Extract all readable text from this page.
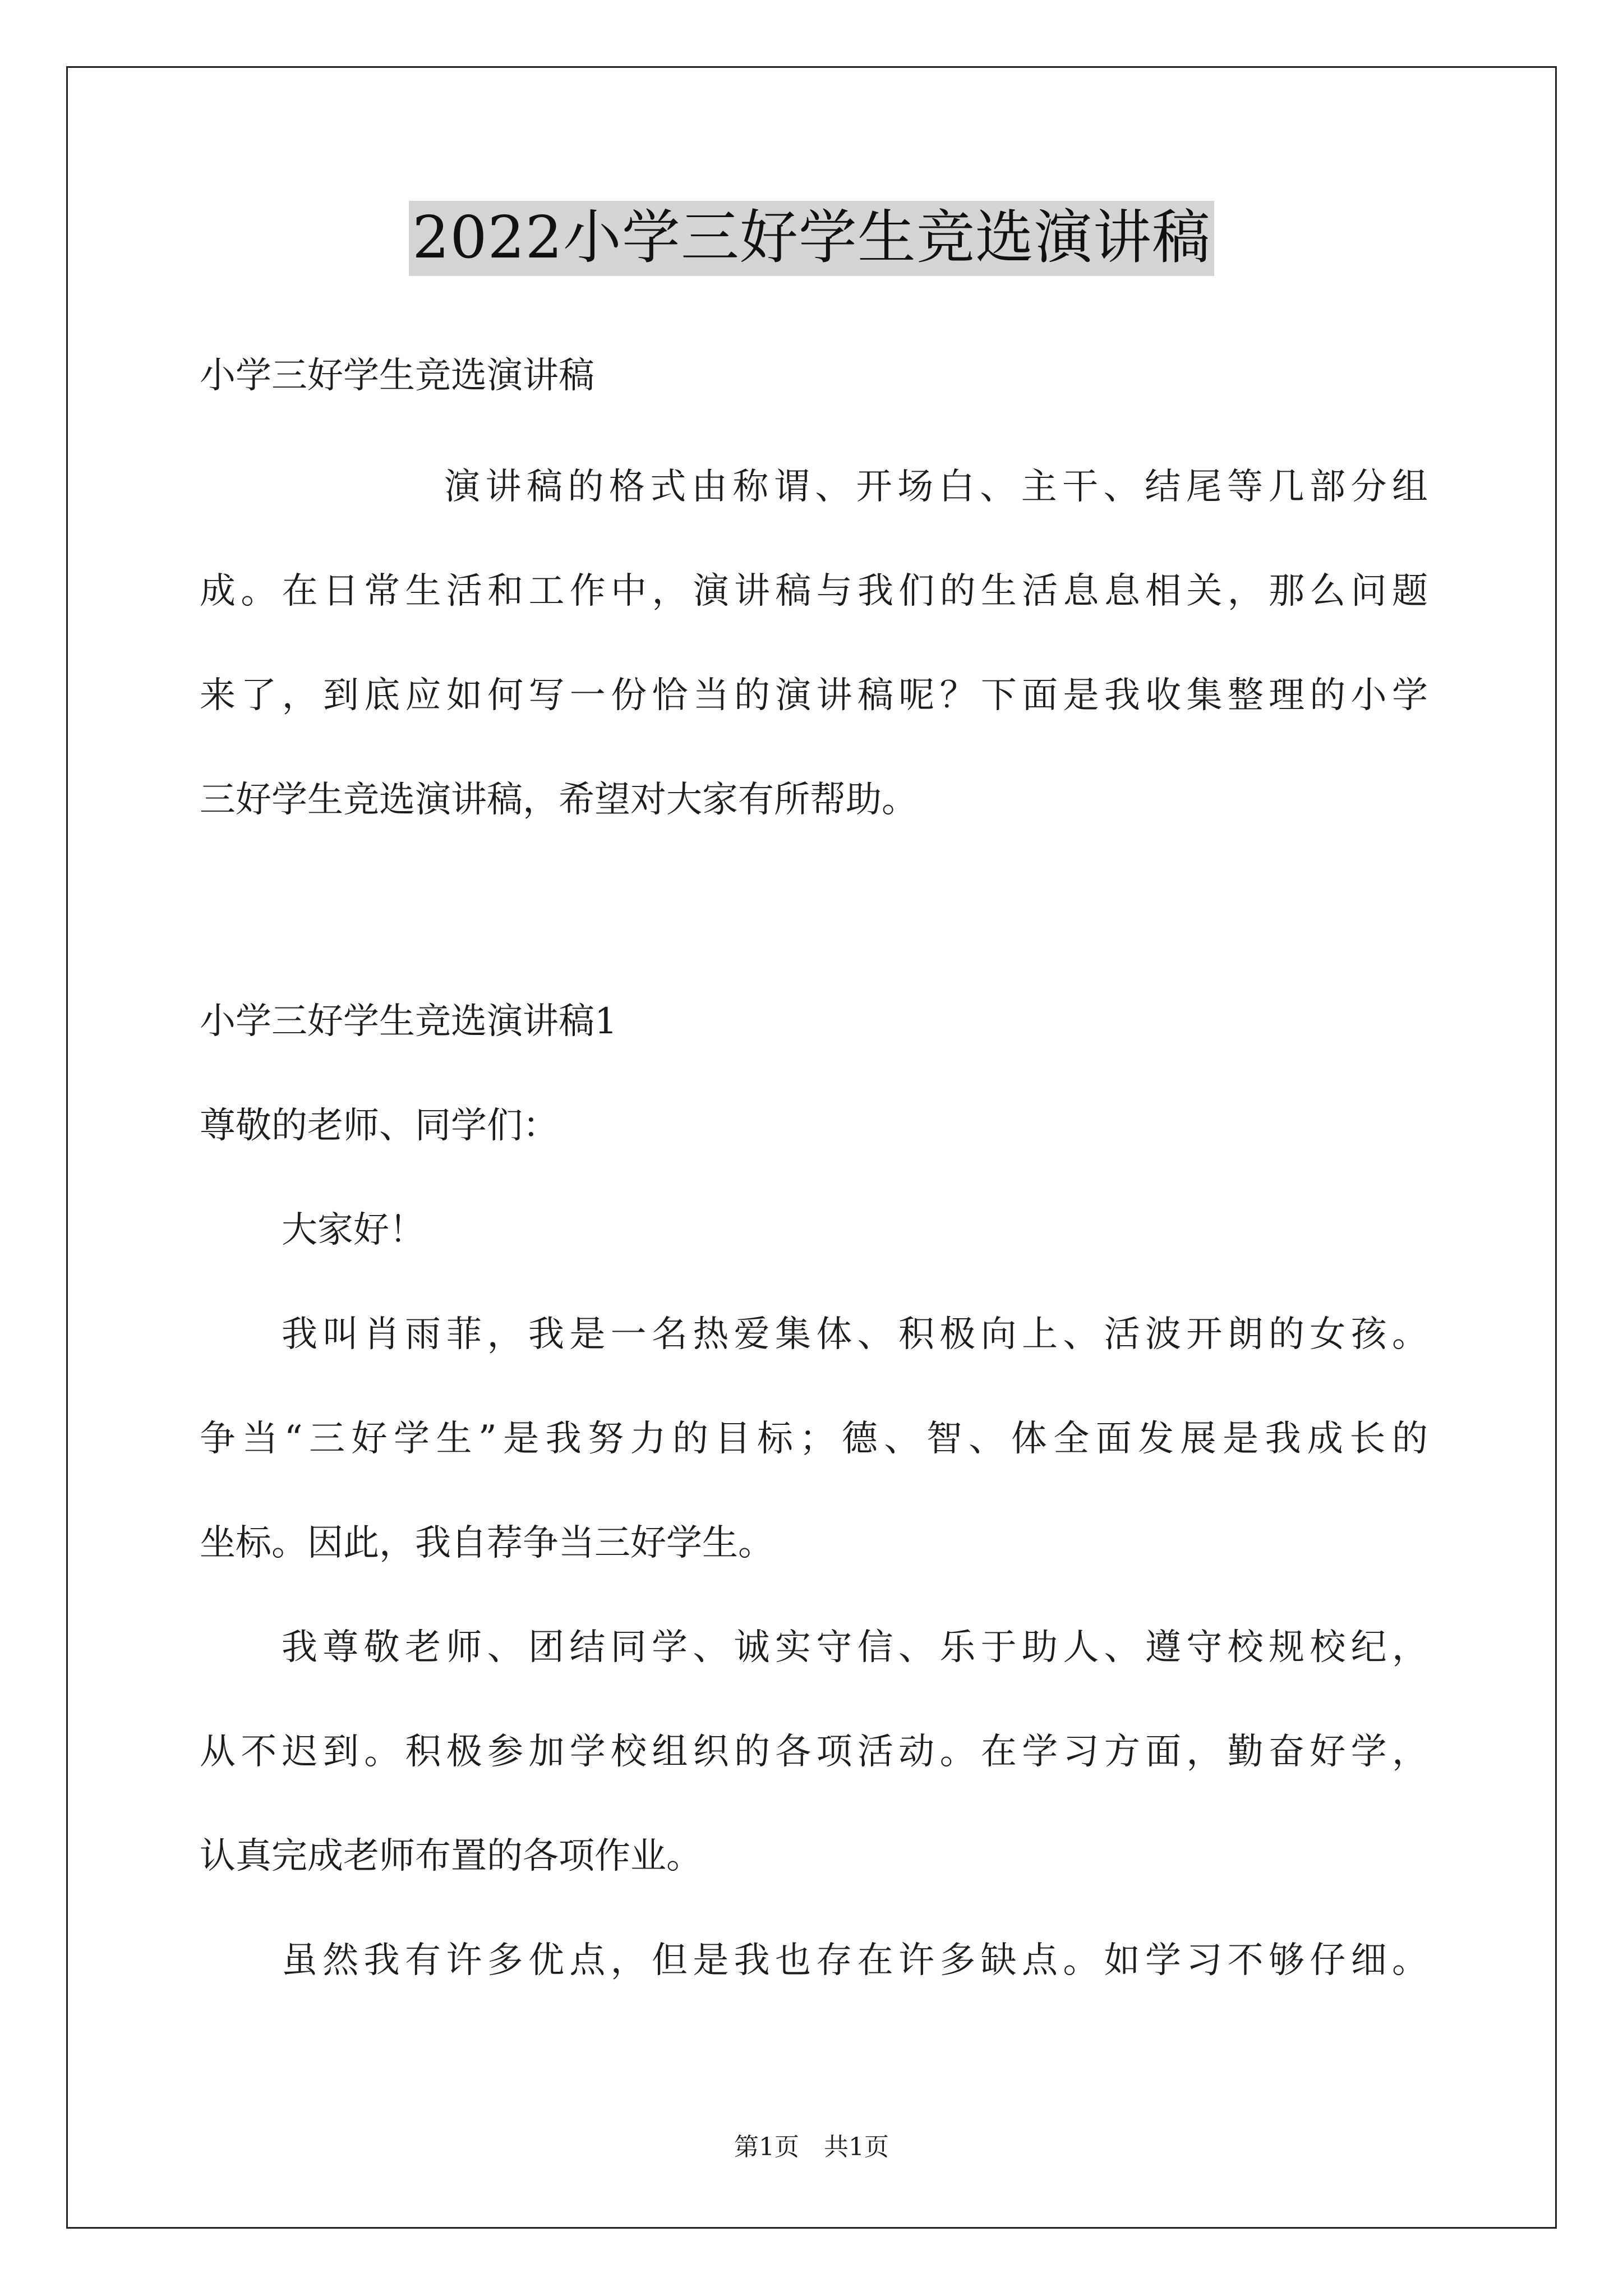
2022小学三好学生竞选演讲稿
小学三好学生竞选演讲稿
演讲稿的格式由称谓、开场白、主干、结尾等几部分组
成。在日常生活和工作中，演讲稿与我们的生活息息相关，那么问题
来了，到底应如何写一份恰当的演讲稿呢？下面是我收集整理的小学
三好学生竞选演讲稿，希望对大家有所帮助。
小学三好学生竞选演讲稿1
尊敬的老师、同学们：
大家好！
我叫肖雨菲，我是一名热爱集体、积极向上、活波开朗的女孩。
争当“三好学生”是我努力的目标；德、智、体全面发展是我成长的
坐标。因此，我自荐争当三好学生。
我尊敬老师、团结同学、诚实守信、乐于助人、遵守校规校纪，
从不迟到。积极参加学校组织的各项活动。在学习方面，勤奋好学，
认真完成老师布置的各项作业。
虽然我有许多优点，但是我也存在许多缺点。如学习不够仔细。
第1页　共1页
